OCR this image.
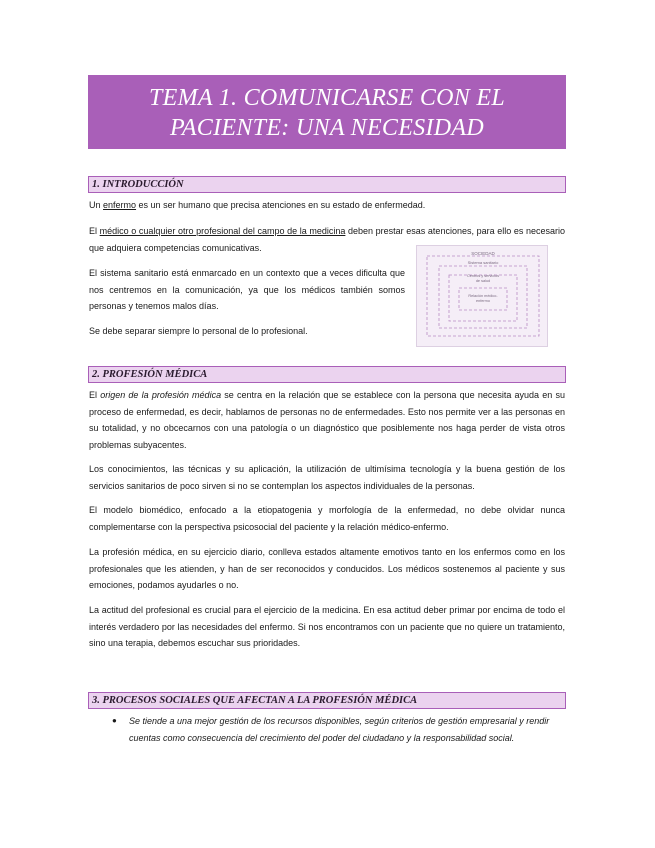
TEMA 1. COMUNICARSE CON EL
PACIENTE: UNA NECESIDAD
1. INTRODUCCIÓN

Un enfermo es un ser humano que precisa atenciones en su estado de enfermedad.

El médico o cualquier otro profesional del campo de la medicina deben prestar esas atenciones, para ello es necesario que adquiera competencias comunicativas.

El sistema sanitario está enmarcado en un contexto que a veces dificulta que nos centremos en la comunicación, ya que los médicos también somos personas y tenemos malos días.

Se debe separar siempre lo personal de lo profesional.

SOCIEDAD
Sistema sanitario
Centros y servicios
de salud
Relación médico-
enfermo
2. PROFESIÓN MÉDICA

El origen de la profesión médica se centra en la relación que se establece con la persona que necesita ayuda en su proceso de enfermedad, es decir, hablamos de personas no de enfermedades. Esto nos permite ver a las personas en su totalidad, y no obcecarnos con una patología o un diagnóstico que posiblemente nos haga perder de vista otros problemas subyacentes.

Los conocimientos, las técnicas y su aplicación, la utilización de ultimísima tecnología y la buena gestión de los servicios sanitarios de poco sirven si no se contemplan los aspectos individuales de la personas.

El modelo biomédico, enfocado a la etiopatogenia y morfología de la enfermedad, no debe olvidar nunca complementarse con la perspectiva psicosocial del paciente y la relación médico-enfermo.

La profesión médica, en su ejercicio diario, conlleva estados altamente emotivos tanto en los enfermos como en los profesionales que les atienden, y han de ser reconocidos y conducidos. Los médicos sostenemos al paciente y sus emociones, podamos ayudarles o no.

La actitud del profesional es crucial para el ejercicio de la medicina. En esa actitud deber primar por encima de todo el interés verdadero por las necesidades del enfermo. Si nos encontramos con un paciente que no quiere un tratamiento, sino una terapia, debemos escuchar sus prioridades.

3. PROCESOS SOCIALES QUE AFECTAN A LA PROFESIÓN MÉDICA
●	Se tiende a una mejor gestión de los recursos disponibles, según criterios de gestión empresarial y rendir cuentas como consecuencia del crecimiento del poder del ciudadano y la responsabilidad social.
